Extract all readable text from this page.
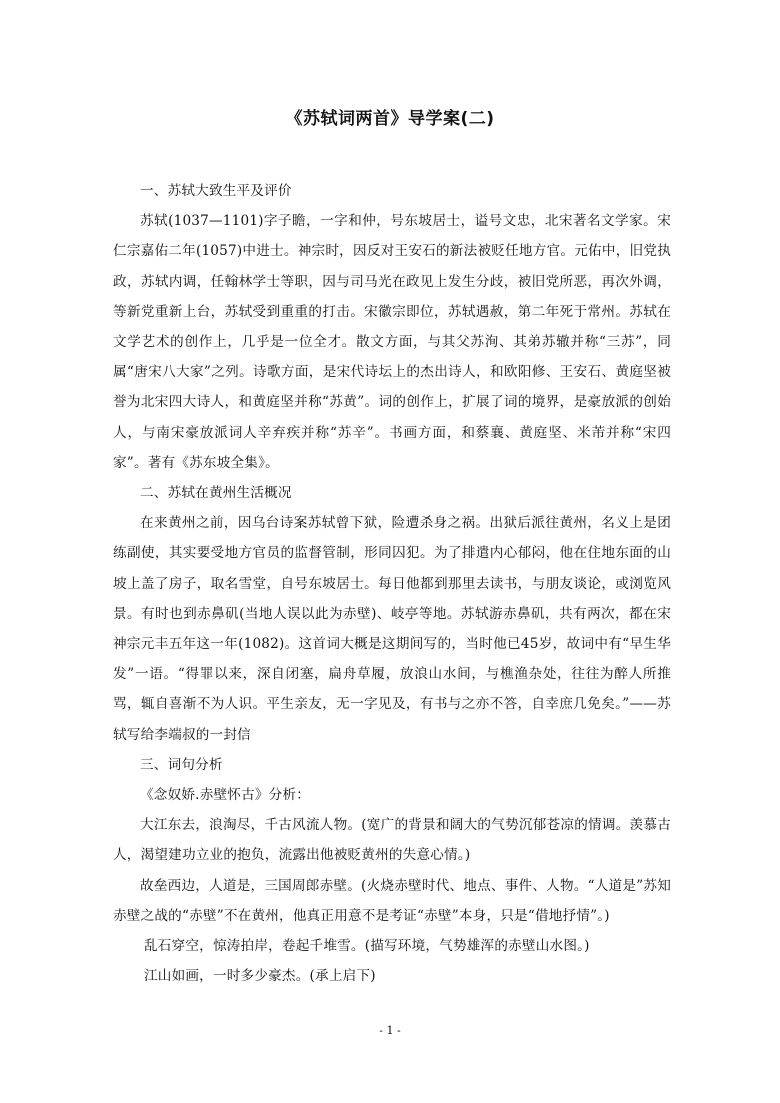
《苏轼词两首》导学案(二)

一、苏轼大致生平及评价

苏轼(1037—1101)字子瞻，一字和仲，号东坡居士，谥号文忠，北宋著名文学家。宋仁宗嘉佑二年(1057)中进士。神宗时，因反对王安石的新法被贬任地方官。元佑中，旧党执政，苏轼内调，任翰林学士等职，因与司马光在政见上发生分歧，被旧党所恶，再次外调，等新党重新上台，苏轼受到重重的打击。宋徽宗即位，苏轼遇赦，第二年死于常州。苏轼在文学艺术的创作上，几乎是一位全才。散文方面，与其父苏洵、其弟苏辙并称“三苏”，同属“唐宋八大家”之列。诗歌方面，是宋代诗坛上的杰出诗人，和欧阳修、王安石、黄庭坚被誉为北宋四大诗人，和黄庭坚并称“苏黄”。词的创作上，扩展了词的境界，是豪放派的创始人，与南宋豪放派词人辛弃疾并称“苏辛”。书画方面，和蔡襄、黄庭坚、米芾并称“宋四家”。著有《苏东坡全集》。

二、苏轼在黄州生活概况

在来黄州之前，因乌台诗案苏轼曾下狱，险遭杀身之祸。出狱后派往黄州，名义上是团练副使，其实要受地方官员的监督管制，形同囚犯。为了排遣内心郁闷，他在住地东面的山坡上盖了房子，取名雪堂，自号东坡居士。每日他都到那里去读书，与朋友谈论，或浏览风景。有时也到赤鼻矶(当地人误以此为赤壁)、岐亭等地。苏轼游赤鼻矶，共有两次，都在宋神宗元丰五年这一年(1082)。这首词大概是这期间写的，当时他已45岁，故词中有“早生华发”一语。“得罪以来，深自闭塞，扁舟草履，放浪山水间，与樵渔杂处，往往为醉人所推骂，辄自喜渐不为人识。平生亲友，无一字见及，有书与之亦不答，自幸庶几免矣。”——苏轼写给李端叔的一封信

三、词句分析

《念奴娇.赤壁怀古》分析：

大江东去，浪淘尽，千古风流人物。(宽广的背景和阔大的气势沉郁苍凉的情调。羡慕古人，渴望建功立业的抱负，流露出他被贬黄州的失意心情。)

故垒西边，人道是，三国周郎赤壁。(火烧赤壁时代、地点、事件、人物。“人道是”苏知赤壁之战的“赤壁”不在黄州，他真正用意不是考证“赤壁”本身，只是“借地抒情”。)

乱石穿空，惊涛拍岸，卷起千堆雪。(描写环境，气势雄浑的赤壁山水图。)

江山如画，一时多少豪杰。(承上启下)

- 1 -
